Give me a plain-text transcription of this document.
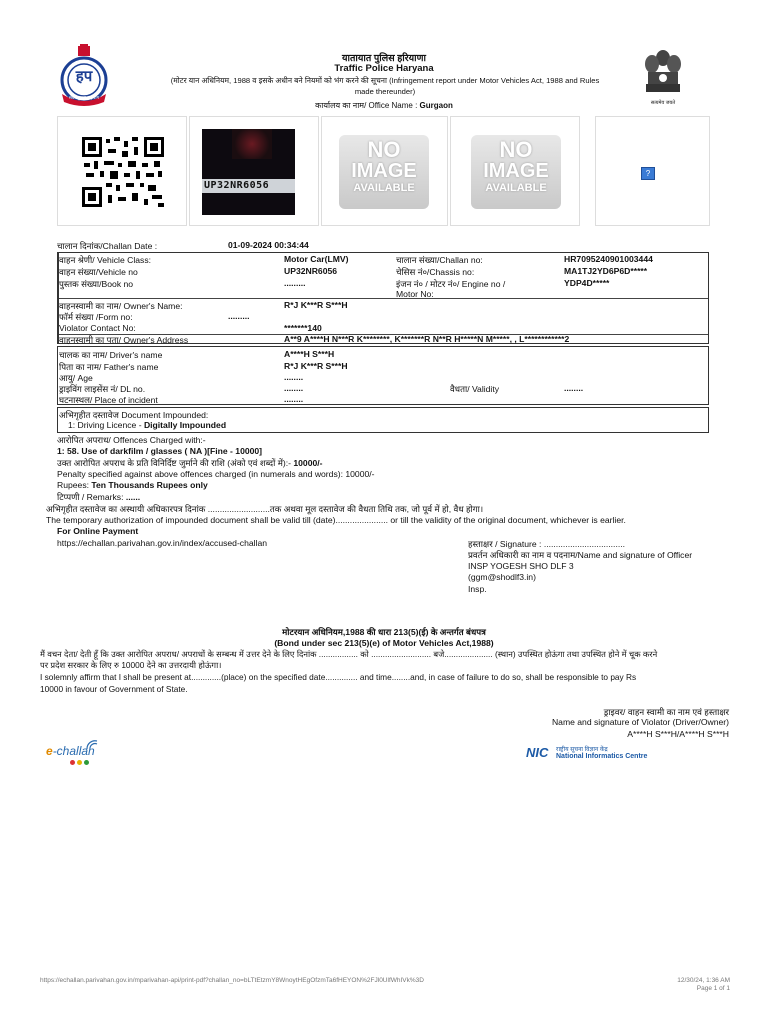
हप
सेवा सुरक्षा सहयोग
सत्यमेव जयते
यातायात पुलिस हरियाणा
Traffic Police Haryana
(मोटर यान अधिनियम, 1988 व इसके अधीन बने नियमों को भंग करने की सूचना (Infringement report under Motor Vehicles Act, 1988 and Rules made thereunder)
कार्यालय का नाम/ Office Name : Gurgaon
UP32NR6056
NO
IMAGE
AVAILABLE
NO
IMAGE
AVAILABLE
?
चालान दिनांक/Challan Date :	01-09-2024 00:34:44
वाहन श्रेणी/ Vehicle Class:	Motor Car(LMV)	चालान संख्या/Challan no:	HR7095240901003444
वाहन संख्या/Vehicle no	UP32NR6056	चेसिस नं०/Chassis no:	MA1TJ2YD6P6D*****
पुस्तक संख्या/Book no	.........	इंजन नं० / मोटर नं०/ Engine no /	YDP4D*****
Motor No:
वाहनस्वामी का नाम/ Owner's Name:	R*J K***R S***H
फॉर्म संख्या /Form no:	.........
Violator Contact No:	*******140
वाहनस्वामी का पता/ Owner's Address	A**9 A****H N***R K********, K*******R N**R H*****N M*****, , L************2
चालक का नाम/ Driver's name	A****H S***H
पिता का नाम/ Father's name	R*J K***R S***H
आयु/ Age	........
ड्राइविंग लाइसेंस नं/ DL no.	........	वैधता/ Validity	........
घटनास्थल/ Place of incident	........
अभिगृहीत दस्तावेज Document Impounded:
1: Driving Licence - Digitally Impounded
आरोपित अपराध/ Offences Charged with:-
1: 58. Use of darkfilm / glasses ( NA )[Fine - 10000]
उक्त आरोपित अपराध के प्रति विनिर्दिष्ट जुर्माने की राशि (अंको एवं शब्दों में):- 10000/-
Penalty specified against above offences charged (in numerals and words): 10000/-
Rupees: Ten Thousands Rupees only
टिप्पणी / Remarks: ......
अभिगृहीत दस्तावेज का अस्थायी अधिकारपत्र दिनांक ..........................तक अथवा मूल दस्तावेज की वैधता तिथि तक, जो पूर्व में हो, वैध होगा।
The temporary authorization of impounded document shall be valid till (date)...................... or till the validity of the original document, whichever is earlier.
For Online Payment
https://echallan.parivahan.gov.in/index/accused-challan	हस्ताक्षर / Signature : ..................................
प्रवर्तन अधिकारी का नाम व पदनाम/Name and signature of Officer
INSP YOGESH SHO DLF 3
(ggm@shodlf3.in)
Insp.
मोटरयान अधिनियम,1988 की धारा 213(5)(ई) के अन्तर्गत बंधपत्र
(Bond under sec 213(5)(e) of Motor Vehicles Act,1988)
मैं वचन देता/ देती हूँ कि उक्त आरोपित अपराध/ अपराधों के सम्बन्ध में उत्तर देने के लिए दिनांक ................. को .......................... बजे..................... (स्थान) उपस्थित होऊंगा तथा उपस्थित होने में चूक करने
पर प्रदेश सरकार के लिए रु 10000 देने का उत्तरदायी होऊंगा।
I solemnly affirm that I shall be present at.............(place) on the specified date.............. and time........and, in case of failure to do so, shall be responsible to pay Rs
10000 in favour of Government of State.
ड्राइवर/ वाहन स्वामी का नाम एवं हस्ताक्षर
Name and signature of Violator (Driver/Owner)
A****H S***H/A****H S***H
e-challan	NIC राष्ट्रीय सूचना विज्ञान केंद्र
National Informatics Centre
https://echallan.parivahan.gov.in/mparivahan-api/print-pdf?challan_no=bLTtEtzmY8WnoytHEgOfzmTa6fHEYON%2FJl0UlfWhIVk%3D	12/30/24, 1:36 AM
Page 1 of 1
